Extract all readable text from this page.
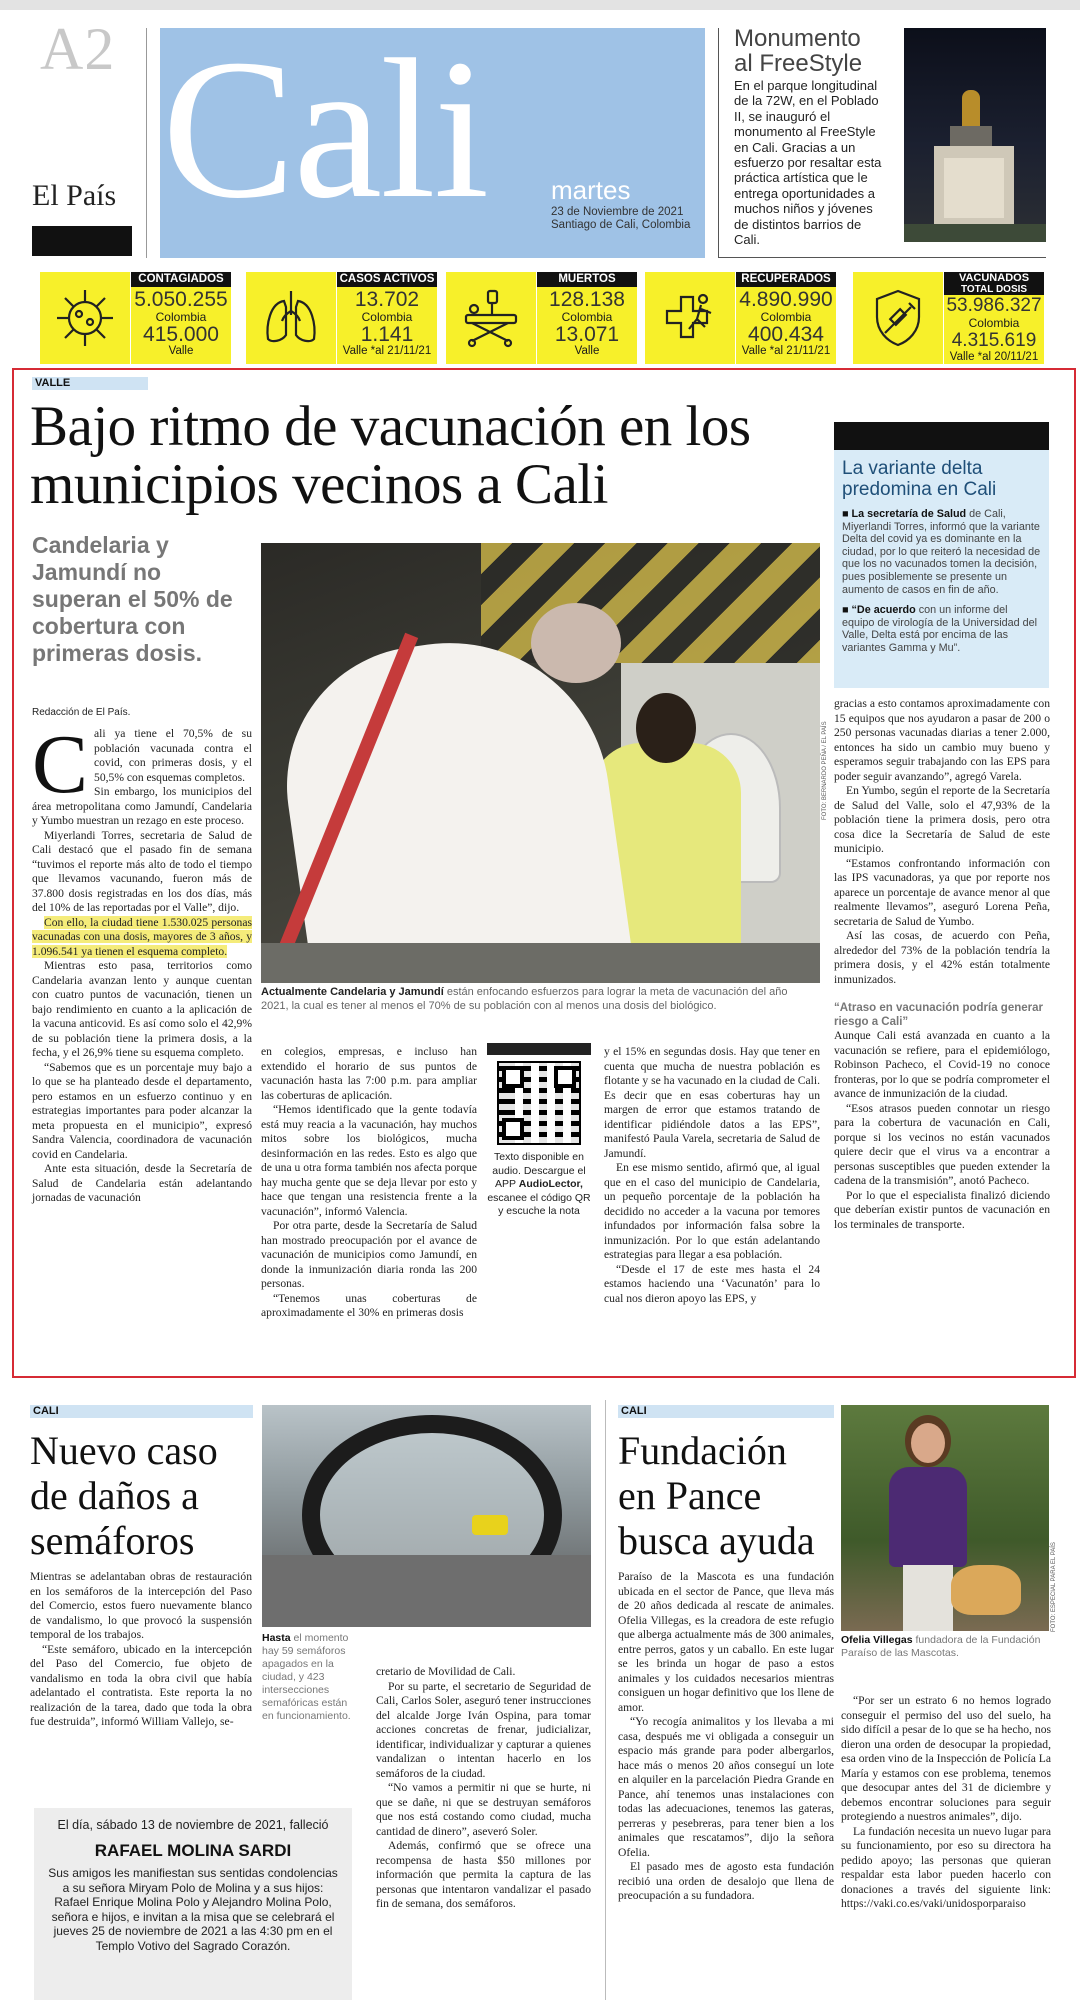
A2
El País Cali martes
23 de Noviembre de 2021
Santiago de Cali, Colombia
Monumento al FreeStyle
En el parque longitudinal de la 72W, en el Poblado II, se inauguró el monumento al FreeStyle en Cali. Gracias a un esfuerzo por resaltar esta práctica artística que le entrega oportunidades a muchos niños y jóvenes de distintos barrios de Cali.
CONTAGIADOS
5.050.255
Colombia
415.000
Valle
CASOS ACTIVOS
13.702
Colombia
1.141
Valle *al 21/11/21
MUERTOS
128.138
Colombia
13.071
Valle
RECUPERADOS
4.890.990
Colombia
400.434
Valle *al 21/11/21
VACUNADOS
TOTAL DOSIS
53.986.327
Colombia
4.315.619
Valle *al 20/11/21
VALLE
Bajo ritmo de vacunación en los municipios vecinos a Cali
Candelaria y Jamundí no superan el 50% de cobertura con primeras dosis.
Redacción de El País.
FOTO: BERNARDO PEÑA / EL PAÍS

Actualmente Candelaria y Jamundí están enfocando esfuerzos para lograr la meta de vacunación del año 2021, la cual es tener al menos el 70% de su población con al menos una dosis del biológico.

C ali ya tiene el 70,5% de su población vacunada contra el covid, con primeras dosis, y el 50,5% con esquemas completos.

Sin embargo, los municipios del área metropolitana como Jamundí, Candelaria y Yumbo muestran un rezago en este proceso.

Miyerlandi Torres, secretaria de Salud de Cali destacó que el pasado fin de semana “tuvimos el reporte más alto de todo el tiempo que llevamos vacunando, fueron más de 37.800 dosis registradas en los dos días, más del 10% de las reportadas por el Valle”, dijo.

Con ello, la ciudad tiene 1.530.025 personas vacunadas con una dosis, mayores de 3 años, y 1.096.541 ya tienen el esquema completo.

Mientras esto pasa, territorios como Candelaria avanzan lento y aunque cuentan con cuatro puntos de vacunación, tienen un bajo rendimiento en cuanto a la aplicación de la vacuna anticovid. Es así como solo el 42,9% de su población tiene la primera dosis, a la fecha, y el 26,9% tiene su esquema completo.

“Sabemos que es un porcentaje muy bajo a lo que se ha planteado desde el departamento, pero estamos en un esfuerzo continuo y en estrategias importantes para poder alcanzar la meta propuesta en el municipio”, expresó Sandra Valencia, coordinadora de vacunación covid en Candelaria.

Ante esta situación, desde la Secretaría de Salud de Candelaria están adelantando jornadas de vacunación

en colegios, empresas, e incluso han extendido el horario de sus puntos de vacunación hasta las 7:00 p.m. para ampliar las coberturas de aplicación.

“Hemos identificado que la gente todavía está muy reacia a la vacunación, hay muchos mitos sobre los biológicos, mucha desinformación en las redes. Esto es algo que de una u otra forma también nos afecta porque hay mucha gente que se deja llevar por esto y hace que tengan una resistencia frente a la vacunación”, informó Valencia.

Por otra parte, desde la Secretaría de Salud han mostrado preocupación por el avance de vacunación de municipios como Jamundí, en donde la inmunización diaria ronda las 200 personas.

“Tenemos unas coberturas de aproximadamente el 30% en primeras dosis

Texto disponible en audio. Descargue el APP AudioLector, escanee el código QR y escuche la nota

y el 15% en segundas dosis. Hay que tener en cuenta que mucha de nuestra población es flotante y se ha vacunado en la ciudad de Cali. Es decir que en esas coberturas hay un margen de error que estamos tratando de identificar pidiéndole datos a las EPS”, manifestó Paula Varela, secretaria de Salud de Jamundí.

En ese mismo sentido, afirmó que, al igual que en el caso del municipio de Candelaria, un pequeño porcentaje de la población ha decidido no acceder a la vacuna por temores infundados por información falsa sobre la inmunización. Por lo que están adelantando estrategias para llegar a esa población.

“Desde el 17 de este mes hasta el 24 estamos haciendo una ‘Vacunatón’ para lo cual nos dieron apoyo las EPS, y

gracias a esto contamos aproximadamente con 15 equipos que nos ayudaron a pasar de 200 o 250 personas vacunadas diarias a tener 2.000, entonces ha sido un cambio muy bueno y esperamos seguir trabajando con las EPS para poder seguir avanzando”, agregó Varela.

En Yumbo, según el reporte de la Secretaría de Salud del Valle, solo el 47,93% de la población tiene la primera dosis, pero otra cosa dice la Secretaría de Salud de este municipio.

“Estamos confrontando información con las IPS vacunadoras, ya que por reporte nos aparece un porcentaje de avance menor al que realmente llevamos”, aseguró Lorena Peña, secretaria de Salud de Yumbo.

Así las cosas, de acuerdo con Peña, alrededor del 73% de la población tendría la primera dosis, y el 42% están totalmente inmunizados.

“Atraso en vacunación podría generar riesgo a Cali”

Aunque Cali está avanzada en cuanto a la vacunación se refiere, para el epidemiólogo, Robinson Pacheco, el Covid-19 no conoce fronteras, por lo que se podría comprometer el avance de inmunización de la ciudad.

“Esos atrasos pueden connotar un riesgo para la cobertura de vacunación en Cali, porque si los vecinos no están vacunados quiere decir que el virus va a encontrar a personas susceptibles que pueden extender la cadena de la transmisión”, anotó Pacheco.

Por lo que el especialista finalizó diciendo que deberían existir puntos de vacunación en los terminales de transporte.

La variante delta predomina en Cali

■ La secretaría de Salud de Cali, Miyerlandi Torres, informó que la variante Delta del covid ya es dominante en la ciudad, por lo que reiteró la necesidad de que los no vacunados tomen la decisión, pues posiblemente se presente un aumento de casos en fin de año.

■ “De acuerdo con un informe del equipo de virología de la Universidad del Valle, Delta está por encima de las variantes Gamma y Mu”.

CALI
Nuevo caso de daños a semáforos

Mientras se adelantaban obras de restauración en los semáforos de la intercepción del Paso del Comercio, estos fuero nuevamente blanco de vandalismo, lo que provocó la suspensión temporal de los trabajos.

“Este semáforo, ubicado en la intercepción del Paso del Comercio, fue objeto de vandalismo en toda la obra civil que había adelantado el contratista. Este reporta la no realización de la tarea, dado que toda la obra fue destruida”, informó William Vallejo, se-

Hasta el momento hay 59 semáforos apagados en la ciudad, y 423 intersecciones semafóricas están en funcionamiento.

cretario de Movilidad de Cali.

Por su parte, el secretario de Seguridad de Cali, Carlos Soler, aseguró tener instrucciones del alcalde Jorge Iván Ospina, para tomar acciones concretas de frenar, judicializar, identificar, individualizar y capturar a quienes vandalizan o intentan hacerlo en los semáforos de la ciudad.

“No vamos a permitir ni que se hurte, ni que se dañe, ni que se destruyan semáforos que nos está costando como ciudad, mucha cantidad de dinero”, aseveró Soler.

Además, confirmó que se ofrece una recompensa de hasta $50 millones por información que permita la captura de las personas que intentaron vandalizar el pasado fin de semana, dos semáforos.

El día, sábado 13 de noviembre de 2021, falleció
RAFAEL MOLINA SARDI
Sus amigos les manifiestan sus sentidas condolencias a su señora Miryam Polo de Molina y a sus hijos: Rafael Enrique Molina Polo y Alejandro Molina Polo, señora e hijos, e invitan a la misa que se celebrará el jueves 25 de noviembre de 2021 a las 4:30 pm en el Templo Votivo del Sagrado Corazón.
CALI
Fundación en Pance busca ayuda

Paraíso de la Mascota es una fundación ubicada en el sector de Pance, que lleva más de 20 años dedicada al rescate de animales. Ofelia Villegas, es la creadora de este refugio que alberga actualmente más de 300 animales, entre perros, gatos y un caballo. En este lugar se les brinda un hogar de paso a estos animales y los cuidados necesarios mientras consiguen un hogar definitivo que los llene de amor.

“Yo recogía animalitos y los llevaba a mi casa, después me vi obligada a conseguir un espacio más grande para poder albergarlos, hace más o menos 20 años conseguí un lote en alquiler en la parcelación Piedra Grande en Pance, ahí tenemos unas instalaciones con todas las adecuaciones, tenemos las gateras, perreras y pesebreras, para tener bien a los animales que rescatamos”, dijo la señora Ofelia.

El pasado mes de agosto esta fundación recibió una orden de desalojo que llena de preocupación a su fundadora.

FOTO: ESPECIAL PARA EL PAÍS

Ofelia Villegas fundadora de la Fundación Paraíso de las Mascotas.

“Por ser un estrato 6 no hemos logrado conseguir el permiso del uso del suelo, ha sido difícil a pesar de lo que se ha hecho, nos dieron una orden de desocupar la propiedad, esa orden vino de la Inspección de Policía La María y estamos con ese problema, tenemos que desocupar antes del 31 de diciembre y debemos encontrar soluciones para seguir protegiendo a nuestros animales”, dijo.

La fundación necesita un nuevo lugar para su funcionamiento, por eso su directora ha pedido apoyo; las personas que quieran respaldar esta labor pueden hacerlo con donaciones a través del siguiente link: https://vaki.co.es/vaki/unidosporparaiso
